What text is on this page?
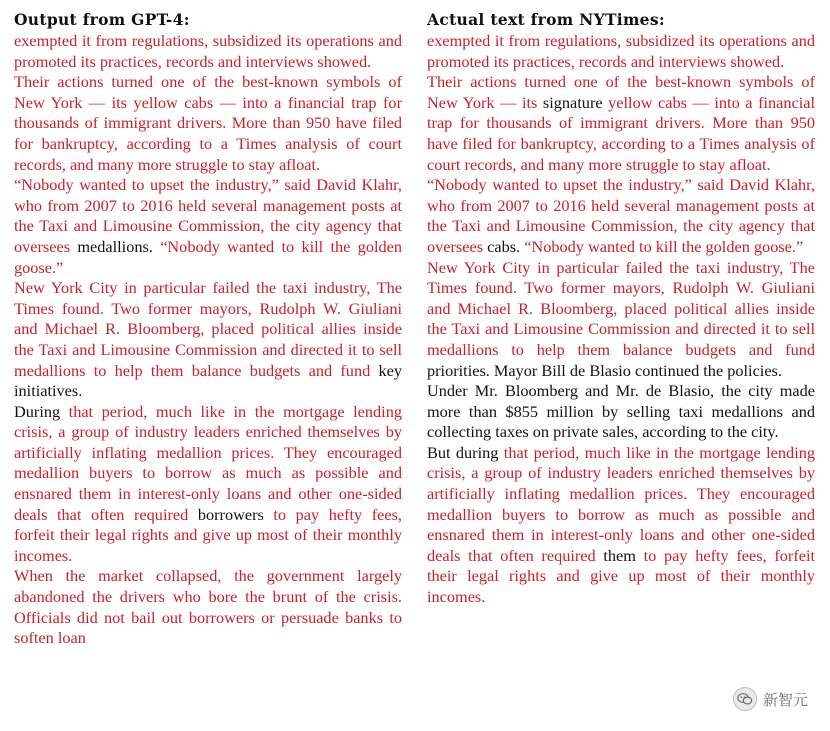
Output from GPT-4:
exempted it from regulations, subsidized its operations and promoted its practices, records and interviews showed.
Their actions turned one of the best-known symbols of New York — its yellow cabs — into a financial trap for thousands of immigrant drivers. More than 950 have filed for bankruptcy, according to a Times analysis of court records, and many more struggle to stay afloat.
“Nobody wanted to upset the industry,” said David Klahr, who from 2007 to 2016 held several management posts at the Taxi and Limousine Commission, the city agency that oversees medallions. “Nobody wanted to kill the golden goose.”
New York City in particular failed the taxi industry, The Times found. Two former mayors, Rudolph W. Giuliani and Michael R. Bloomberg, placed political allies inside the Taxi and Limousine Commission and directed it to sell medallions to help them balance budgets and fund key initiatives.
During that period, much like in the mortgage lending crisis, a group of industry leaders enriched themselves by artificially inflating medallion prices. They encouraged medallion buyers to borrow as much as possible and ensnared them in interest-only loans and other one-sided deals that often required borrowers to pay hefty fees, forfeit their legal rights and give up most of their monthly incomes.
When the market collapsed, the government largely abandoned the drivers who bore the brunt of the crisis. Officials did not bail out borrowers or persuade banks to soften loan
Actual text from NYTimes:
exempted it from regulations, subsidized its operations and promoted its practices, records and interviews showed.
Their actions turned one of the best-known symbols of New York — its signature yellow cabs — into a financial trap for thousands of immigrant drivers. More than 950 have filed for bankruptcy, according to a Times analysis of court records, and many more struggle to stay afloat.
“Nobody wanted to upset the industry,” said David Klahr, who from 2007 to 2016 held several management posts at the Taxi and Limousine Commission, the city agency that oversees cabs. “Nobody wanted to kill the golden goose.”
New York City in particular failed the taxi industry, The Times found. Two former mayors, Rudolph W. Giuliani and Michael R. Bloomberg, placed political allies inside the Taxi and Limousine Commission and directed it to sell medallions to help them balance budgets and fund priorities. Mayor Bill de Blasio continued the policies.
Under Mr. Bloomberg and Mr. de Blasio, the city made more than $855 million by selling taxi medallions and collecting taxes on private sales, according to the city.
But during that period, much like in the mortgage lending crisis, a group of industry leaders enriched themselves by artificially inflating medallion prices. They encouraged medallion buyers to borrow as much as possible and ensnared them in interest-only loans and other one-sided deals that often required them to pay hefty fees, forfeit their legal rights and give up most of their monthly incomes.
新智元
